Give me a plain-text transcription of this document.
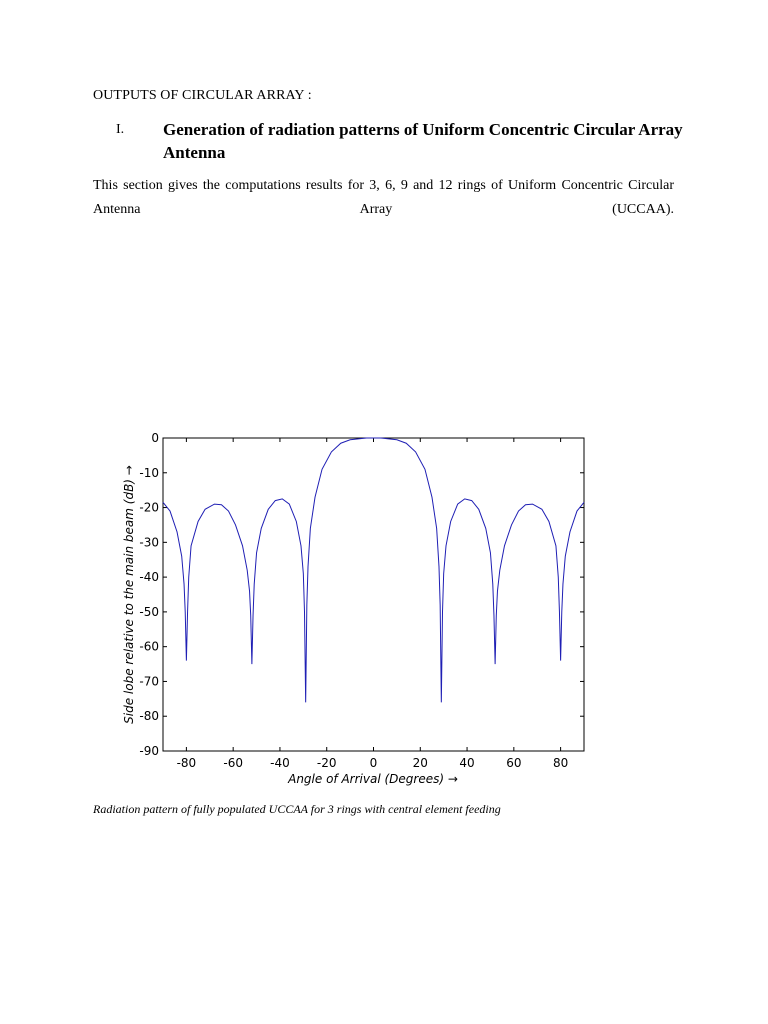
OUTPUTS OF CIRCULAR ARRAY :
I. Generation of radiation patterns of Uniform Concentric Circular Array Antenna
This section gives the computations results for 3, 6, 9 and 12 rings of Uniform Concentric Circular Antenna Array (UCCAA).
0
-10
-20
-30
-40
-50
-60
-70
-80
-90
-80 -60 -40 -20	0	20	40	60	80
Angle of Arrival (Degrees) →
Side lobe relative to the main beam (dB) →
Radiation pattern of fully populated UCCAA for 3 rings with central element feeding
